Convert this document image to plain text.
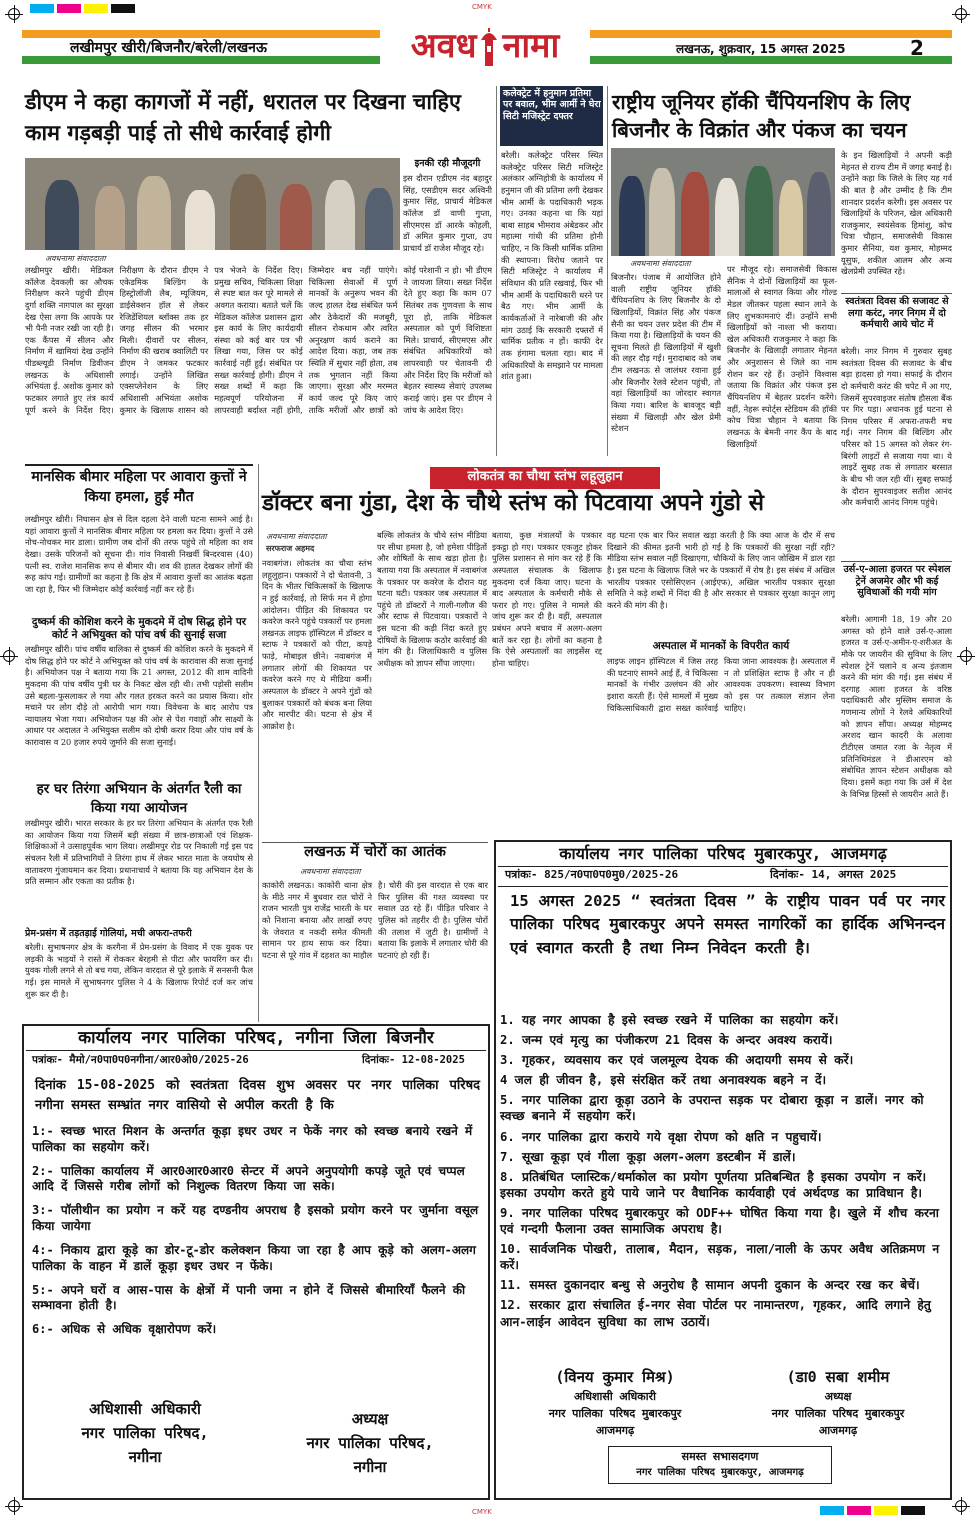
CMYK
CMYK
लखीमपुर खीरी/बिजनौर/बरेली/लखनऊ	अवध नामा	लखनऊ, शुक्रवार, 15 अगस्त 2025	2
डीएम ने कहा कागजों में नहीं, धरातल पर दिखना चाहिए काम गड़बड़ी पाई तो सीधे कार्रवाई होगी
अवधनामा संवाददाता
इनकी रही मौजूदगी
इस दौरान एडीएम नंद बहादुर सिंह, एसडीएम सदर अश्विनी कुमार सिंह, प्राचार्य मेडिकल कॉलेज डॉ वाणी गुप्ता, सीएमएस डॉ आरके कोहली, डॉ अमित कुमार गुप्ता, उप प्राचार्य डॉ राजेश मौजूद रहे।
लखीमपुर खीरी। मेडिकल कॉलेज देवकली का औचक निरीक्षण करने पहुंची डीएम दुर्गा शक्ति नागपाल का सुरक्षा देख ऐसा लगा कि आपके पर भी पैनी नजर रखी जा रही है। एक कैंपस में सीलन और निर्माण में खामियां देख उन्होंने पीडब्ल्यूडी निर्माण डिवीजन लखनऊ के अधिशासी अभियंता ई. अशोक कुमार को फटकार लगाते हुए तंत्र कार्य पूर्ण करने के निर्देश दिए। निरीक्षण के दौरान डीएम ने एकेडमिक बिल्डिंग के हिस्ट्रोलॉजी लैब, म्यूजियम, डाईसेक्शन हॉल से लेकर रेजिडेंशियल ब्लॉक्स तक हर जगह सीलन की भरमार मिली। दीवारों पर सीलन, निर्माण की खराब क्वालिटी पर डीएम ने जमकर फटकार लगाई। उन्होंने लिखित एक्सप्लेनेशन के लिए अधिशासी अभियंता अशोक कुमार के खिलाफ शासन को पत्र भेजने के निर्देश दिए। प्रमुख सचिव, चिकित्सा शिक्षा से स्पष्ट बात कर पूरे मामले से अवगत कराया। बताते चलें कि मेडिकल कॉलेज प्रशासन द्वारा इस कार्य के लिए कार्यदायी संस्था को कई बार पत्र भी लिखा गया, जिस पर कोई कार्रवाई नहीं हुई। संबंधित पर सख्त कार्रवाई होगी। डीएम ने सख्त शब्दों में कहा कि महत्वपूर्ण परियोजना में लापरवाही बर्दाश्त नहीं होगी, जिम्मेदार बच नहीं पाएंगे। चिकित्सा सेवाओं में पूर्ण मानकों के अनुरूप भवन की जल्द हालत देख संबंधित फर्म और ठेकेदारों की मजबूरी, सीलन रोकथाम और त्वरित अनुरक्षण कार्य कराने का आदेश दिया। कहा, जब तक स्थिति में सुधार नहीं होता, तब तक भुगतान नहीं किया जाएगा। सुरक्षा और मरम्मत कार्य जल्द पूरे किए जाएं ताकि मरीजों और छात्रों को कोई परेशानी न हो। भी डीएम ने जायजा लिया। सख्त निर्देश देते हुए कहा कि काम 07 सितंबर तक गुणवत्ता के साथ पूरा हो, ताकि मेडिकल अस्पताल को पूर्ण विशिष्टता मिले। प्राचार्य, सीएमएस और संबंधित अधिकारियों को लापरवाही पर चेतावनी दी और निर्देश दिए कि मरीजों को बेहतर स्वास्थ्य सेवाएं उपलब्ध कराई जाएं। इस पर डीएम ने जांच के आदेश दिए।
कलेक्ट्रेट में हनुमान प्रतिमा पर बवाल, भीम आर्मी ने घेरा सिटी मजिस्ट्रेट दफ्तर
बरेली। कलेक्ट्रेट परिसर स्थित कलेक्ट्रेट परिसर सिटी मजिस्ट्रेट अलंकार अग्निहोत्री के कार्यालय में हनुमान जी की प्रतिमा लगी देखकर भीम आर्मी के पदाधिकारी भड़क गए। उनका कहना था कि यहां बाबा साहब भीमराव अंबेडकर और महात्मा गांधी की प्रतिमा होनी चाहिए, न कि किसी धार्मिक प्रतिमा की स्थापना। विरोध जताने पर सिटी मजिस्ट्रेट ने कार्यालय में संविधान की प्रति रखवाई, फिर भी भीम आर्मी के पदाधिकारी धरने पर बैठ गए। भीम आर्मी के कार्यकर्ताओं ने नारेबाजी की और मांग उठाई कि सरकारी दफ्तरों में धार्मिक प्रतीक न हों। काफी देर तक हंगामा चलता रहा। बाद में अधिकारियों के समझाने पर मामला शांत हुआ।
राष्ट्रीय जूनियर हॉकी चैंपियनशिप के लिए बिजनौर के विक्रांत और पंकज का चयन
अवधनामा संवाददाता
बिजनौर। पंजाब में आयोजित होने वाली राष्ट्रीय जूनियर हॉकी चैंपियनशिप के लिए बिजनौर के दो खिलाड़ियों, विक्रांत सिंह और पंकज सैनी का चयन उत्तर प्रदेश की टीम में किया गया है। खिलाड़ियों के चयन की सूचना मिलते ही खिलाड़ियों में खुशी की लहर दौड़ गई। मुरादाबाद को जब टीम लखनऊ से जालंधर रवाना हुई और बिजनौर रेलवे स्टेशन पहुंची, तो वहां खिलाड़ियों का जोरदार स्वागत किया गया। बारिश के बावजूद बड़ी संख्या में खिलाड़ी और खेल प्रेमी स्टेशन
पर मौजूद रहे। समाजसेवी विकास सैनिक ने दोनों खिलाड़ियों का फूल-मालाओं से स्वागत किया और गोल्ड मेडल जीतकर पहला स्थान लाने के लिए शुभकामनाएं दीं। उन्होंने सभी खिलाड़ियों को नाश्ता भी कराया। खेल अधिकारी राजकुमार ने कहा कि बिजनौर के खिलाड़ी लगातार मेहनत और अनुशासन से जिले का नाम रोशन कर रहे हैं। उन्होंने विश्वास जताया कि विक्रांत और पंकज इस चैंपियनशिप में बेहतर प्रदर्शन करेंगे। वहीं, नेहरू स्पोर्ट्स स्टेडियम की हॉकी कोच चित्रा चौहान ने बताया कि लखनऊ के बेमनी नगर कैंप के बाद खिलाड़ियों
के इन खिलाड़ियों ने अपनी कड़ी मेहनत से राज्य टीम में जगह बनाई है। उन्होंने कहा कि जिले के लिए यह गर्व की बात है और उम्मीद है कि टीम शानदार प्रदर्शन करेगी। इस अवसर पर खिलाड़ियों के परिजन, खेल अधिकारी राजकुमार, स्वयंसेवक हिमांशु, कोच चित्रा चौहान, समाजसेवी विकास कुमार सैनिया, यश कुमार, मोहम्मद यूसुफ, शकील आलम और अन्य खेलप्रेमी उपस्थित रहे।
स्वतंत्रता दिवस की सजावट से लगा करंट, नगर निगम में दो कर्मचारी आये चोट में
बरेली। नगर निगम में गुरुवार सुबह स्वतंत्रता दिवस की सजावट के बीच बड़ा हादसा हो गया। सफाई के दौरान दो कर्मचारी करंट की चपेट में आ गए, जिसमें सुपरवाइजर संतोष हौसला बैंक पर गिर पड़ा। अचानक हुई घटना से निगम परिसर में अफरा-तफरी मच गई। नगर निगम की बिल्डिंग और परिसर को 15 अगस्त को लेकर रंग-बिरंगी लाइटों से सजाया गया था। ये लाइटें सुबह तक से लगातार बरसात के बीच भी जल रही थीं। सुबह सफाई के दौरान सुपरवाइजर सतीश आनंद और कर्मचारी आनंद निगम पहुंचे।
उर्स-ए-आला हजरत पर स्पेशल ट्रेनें अजमेर और भी कई सुविधाओं की गयी मांग
बरेली। आगामी 18, 19 और 20 अगस्त को होने वाले उर्स-ए-आला हजरत व उर्स-ए-अमीन-ए-शरीअत के मौके पर जायरीन की सुविधा के लिए स्पेशल ट्रेनें चलाने व अन्य इंतजाम करने की मांग की गई। इस संबंध में दरगाह आला हजरत के वरिष्ठ पदाधिकारी और मुस्लिम समाज के गणमान्य लोगों ने रेलवे अधिकारियों को ज्ञापन सौंपा। अध्यक्ष मोहम्मद अरशद खान कादरी के अलावा टीटीएस जमात रजा के नेतृत्व में प्रतिनिधिमंडल ने डीआरएम को संबोधित ज्ञापन स्टेशन अधीक्षक को दिया। इसमें कहा गया कि उर्स में देश के विभिन्न हिस्सों से जायरीन आते हैं।
मानसिक बीमार महिला पर आवारा कुत्तों ने किया हमला, हुई मौत
लखीमपुर खीरी। निघासन क्षेत्र से दिल दहला देने वाली घटना सामने आई है। यहां आवारा कुत्तों ने मानसिक बीमार महिला पर हमला कर दिया। कुत्तों ने उसे नोच-नोचकर मार डाला। ग्रामीण जब दोनों की तरफ पहुंचे तो महिला का शव देखा। उसके परिजनों को सूचना दी। गांव निवासी निखर्वी बिन्दरवास (40) पत्नी स्व. राजेश मानसिक रूप से बीमार थी। शव की हालत देखकर लोगों की रूह कांप गई। ग्रामीणों का कहना है कि क्षेत्र में आवारा कुत्तों का आतंक बढ़ता जा रहा है, फिर भी जिम्मेदार कोई कार्रवाई नहीं कर रहे हैं।
दुष्कर्म की कोशिश करने के मुकदमे में दोष सिद्ध होने पर कोर्ट ने अभियुक्त को पांच वर्ष की सुनाई सजा
लखीमपुर खीरी। पांच वर्षीय बालिका से दुष्कर्म की कोशिश करने के मुकदमे में दोष सिद्ध होने पर कोर्ट ने अभियुक्त को पांच वर्ष के कारावास की सजा सुनाई है। अभियोजन पक्ष ने बताया गया कि 21 अगस्त, 2012 की शाम वादिनी मुकदमा की पांच वर्षीय पुत्री घर के निकट खेल रही थी। तभी पड़ोसी सलीम उसे बहला-फुसलाकर ले गया और गलत हरकत करने का प्रयास किया। शोर मचाने पर लोग दौड़े तो आरोपी भाग गया। विवेचना के बाद आरोप पत्र न्यायालय भेजा गया। अभियोजन पक्ष की ओर से पेश गवाहों और साक्ष्यों के आधार पर अदालत ने अभियुक्त सलीम को दोषी करार दिया और पांच वर्ष के कारावास व 20 हजार रुपये जुर्माने की सजा सुनाई।
हर घर तिरंगा अभियान के अंतर्गत रैली का किया गया आयोजन
लखीमपुर खीरी। भारत सरकार के हर घर तिरंगा अभियान के अंतर्गत एक रैली का आयोजन किया गया जिसमें बड़ी संख्या में छात्र-छात्राओं एवं शिक्षक-शिक्षिकाओं ने उत्साहपूर्वक भाग लिया। लखीमपुर रोड पर निकाली गई इस पद संचलन रैली में प्रतिभागियों ने तिरंगा हाथ में लेकर भारत माता के जयघोष से वातावरण गुंजायमान कर दिया। प्रधानाचार्य ने बताया कि यह अभियान देश के प्रति सम्मान और एकता का प्रतीक है।
प्रेम-प्रसंग में तड़तड़ाई गोलियां, मची अफरा-तफरी
बरेली। सुभाषनगर क्षेत्र के करगैना में प्रेम-प्रसंग के विवाद में एक युवक पर लड़की के भाइयों ने रास्ते में रोककर बेरहमी से पीटा और फायरिंग कर दी। युवक गोली लगने से तो बच गया, लेकिन वारदात से पूरे इलाके में सनसनी फैल गई। इस मामले में सुभाषनगर पुलिस ने 4 के खिलाफ रिपोर्ट दर्ज कर जांच शुरू कर दी है।
लोकतंत्र का चौथा स्तंभ लहूलुहान
डॉक्टर बना गुंडा, देश के चौथे स्तंभ को पिटवाया अपने गुंडो से
अवधनामा संवाददाता
सरफराज अहमद
नवाबगंज। लोकतंत्र का चौथा स्तंभ लहूलुहान। पत्रकारों ने दो चेतावनी, 3 दिन के भीतर चिकित्सकों के खिलाफ न हुई कार्रवाई, तो सिर्फ मन में होगा आंदोलन। पीड़ित की शिकायत पर कवरेज करने पहुंचे पत्रकारों पर हमला लखनऊ लाइफ हॉस्पिटल में डॉक्टर व स्टाफ ने पत्रकारों को पीटा, कपड़े फाड़े, मोबाइल छीने। नवाबगंज में लगातार लोगों की शिकायत पर कवरेज करने गए थे मीडिया कर्मी। अस्पताल के डॉक्टर ने अपने गुंडों को बुलाकर पत्रकारों को बंधक बना लिया और मारपीट की। घटना से क्षेत्र में आक्रोश है।
बल्कि लोकतंत्र के चौथे स्तंभ मीडिया पर सीधा हमला है, जो हमेशा पीड़ितों और शोषितों के साथ खड़ा होता है। बताया गया कि अस्पताल में नवाबगंज के पत्रकार पर कवरेज के दौरान यह घटना घटी। पत्रकार जब अस्पताल में पहुंचे तो डॉक्टरों ने गाली-गलौज की और स्टाफ से पिटवाया। पत्रकारों ने इस घटना की कड़ी निंदा करते हुए दोषियों के खिलाफ कठोर कार्रवाई की मांग की है। जिलाधिकारी व पुलिस अधीक्षक को ज्ञापन सौंपा जाएगा।
बताया, कुछ मंत्रालयों के पत्रकार इकट्ठा हो गए। पत्रकार एकजुट होकर पुलिस प्रशासन से मांग कर रहे हैं कि अस्पताल संचालक के खिलाफ मुकदमा दर्ज किया जाए। घटना के बाद अस्पताल के कर्मचारी मौके से फरार हो गए। पुलिस ने मामले की जांच शुरू कर दी है। वहीं, अस्पताल प्रबंधन अपने बचाव में अलग-अलग बातें कर रहा है। लोगों का कहना है कि ऐसे अस्पतालों का लाइसेंस रद्द होना चाहिए।
वह घटना एक बार फिर सवाल खड़ा करती है कि क्या आज के दौर में सच दिखाने की कीमत इतनी भारी हो गई है कि पत्रकारों की सुरक्षा नहीं रही? मीडिया स्तंभ सवाल नहीं दिखाएगा, चौकियों के लिए जान जोखिम में डाल रहा है। इस घटना के खिलाफ जिले भर के पत्रकारों में रोष है। इस संबंध में अखिल भारतीय पत्रकार एसोसिएशन (आईएफ), अखिल भारतीय पत्रकार सुरक्षा समिति ने कड़े शब्दों में निंदा की है और सरकार से पत्रकार सुरक्षा कानून लागू करने की मांग की है।
अस्पताल में मानकों के विपरीत कार्य
लाइफ लाइन हॉस्पिटल में जिस तरह की घटनाएं सामने आई हैं, वे चिकित्सा मानकों के गंभीर उल्लंघन की ओर इशारा करती हैं। ऐसे मामलों में मुख्य चिकित्साधिकारी द्वारा सख्त कार्रवाई किया जाना आवश्यक है। अस्पताल में न तो प्रशिक्षित स्टाफ है और न ही आवश्यक उपकरण। स्वास्थ्य विभाग को इस पर तत्काल संज्ञान लेना चाहिए।
लखनऊ में चोरों का आतंक
अवधनामा संवाददाता
काकोरी लखनऊ। काकोरी थाना क्षेत्र के मीठे नगर में बुधवार रात चोरों ने राजन भारती पुत्र राजेंद्र भारती के घर को निशाना बनाया और लाखों रुपए के जेवरात व नकदी समेत कीमती सामान पर हाथ साफ कर दिया। घटना से पूरे गांव में दहशत का माहौल है। चोरी की इस वारदात से एक बार फिर पुलिस की गश्त व्यवस्था पर सवाल उठ रहे हैं। पीड़ित परिवार ने पुलिस को तहरीर दी है। पुलिस चोरों की तलाश में जुटी है। ग्रामीणों ने बताया कि इलाके में लगातार चोरी की घटनाएं हो रही हैं।
कार्यालय नगर पालिका परिषद मुबारकपुर, आजमगढ़
पत्रांकः- 825/न0पा0प0मु0/2025-26	दिनांकः- 14, अगस्त 2025
15 अगस्त 2025 “ स्वतंत्रता दिवस ” के राष्ट्रीय पावन पर्व पर नगर पालिका परिषद मुबारकपुर अपने समस्त नागरिकों का हार्दिक अभिनन्दन एवं स्वागत करती है तथा निम्न निवेदन करती है।
1. यह नगर आपका है इसे स्वच्छ रखने में पालिका का सहयोग करें।
2. जन्म एवं मृत्यु का पंजीकरण 21 दिवस के अन्दर अवश्य करायें।
3. गृहकर, व्यवसाय कर एवं जलमूल्य देयक की अदायगी समय से करें।
4 जल ही जीवन है, इसे संरक्षित करें तथा अनावश्यक बहने न दें।
5. नगर पालिका द्वारा कूड़ा उठाने के उपरान्त सड़क पर दोबारा कूड़ा न डालें। नगर को स्वच्छ बनाने में सहयोग करें।
6. नगर पालिका द्वारा कराये गये वृक्षा रोपण को क्षति न पहुचायें।
7. सूखा कूड़ा एवं गीला कूड़ा अलग-अलग डस्टबीन में डालें।
8. प्रतिबंधित प्लास्टिक/थर्माकोल का प्रयोग पूर्णतया प्रतिबन्धित है इसका उपयोग न करें। इसका उपयोग करते हुये पाये जाने पर वैधानिक कार्यवाही एवं अर्थदण्ड का प्राविधान है।
9. नगर पालिका परिषद मुबारकपुर को ODF++ घोषित किया गया है। खुले में शौच करना एवं गन्दगी फैलाना उक्त सामाजिक अपराध है।
10. सार्वजनिक पोखरी, तालाब, मैदान, सड़क, नाला/नाली के ऊपर अवैध अतिक्रमण न करें।
11. समस्त दुकानदार बन्धु से अनुरोध है सामान अपनी दुकान के अन्दर रख कर बेचें।
12. सरकार द्वारा संचालित ई-नगर सेवा पोर्टल पर नामान्तरण, गृहकर, आदि लगाने हेतु आन-लाईन आवेदन सुविधा का लाभ उठायें।
(विनय कुमार मिश्र)
अधिशासी अधिकारी
नगर पालिका परिषद मुबारकपुर
आजमगढ़
(डा0 सबा शमीम
अध्यक्ष
नगर पालिका परिषद मुबारकपुर
आजमगढ़
समस्त सभासदगण
नगर पालिका परिषद मुबारकपुर, आजमगढ़
कार्यालय नगर पालिका परिषद, नगीना जिला बिजनौर
पत्रांकः- मैमो/न0पा0प0नगीना/आर0ओ0/2025-26	दिनांकः- 12-08-2025
दिनांक 15-08-2025 को स्वतंत्रता दिवस शुभ अवसर पर नगर पालिका परिषद नगीना समस्त सम्भ्रांत नगर वासियो से अपील करती है कि
1:- स्वच्छ भारत मिशन के अन्तर्गत कूड़ा इधर उधर न फेकें नगर को स्वच्छ बनाये रखने में पालिका का सहयोग करें।
2:- पालिका कार्यालय में आर0आर0आर0 सेन्टर में अपने अनुपयोगी कपड़े जूते एवं चप्पल आदि दें जिससे गरीब लोगों को निशुल्क वितरण किया जा सके।
3:- पॉलीथीन का प्रयोग न करें यह दण्डनीय अपराध है इसको प्रयोग करने पर जुर्माना वसूल किया जायेगा
4:- निकाय द्वारा कूड़े का डोर-टू-डोर कलेक्शन किया जा रहा है आप कूड़े को अलग-अलग पालिका के वाहन में डालें कूड़ा इधर उधर न फेंके।
5:- अपने घरों व आस-पास के क्षेत्रों में पानी जमा न होने दें जिससे बीमारियाँ फैलने की सम्भावना होती है।
6:- अधिक से अधिक वृक्षारोपण करें।
अधिशासी अधिकारी
नगर पालिका परिषद,
नगीना
अध्यक्ष
नगर पालिका परिषद,
नगीना
